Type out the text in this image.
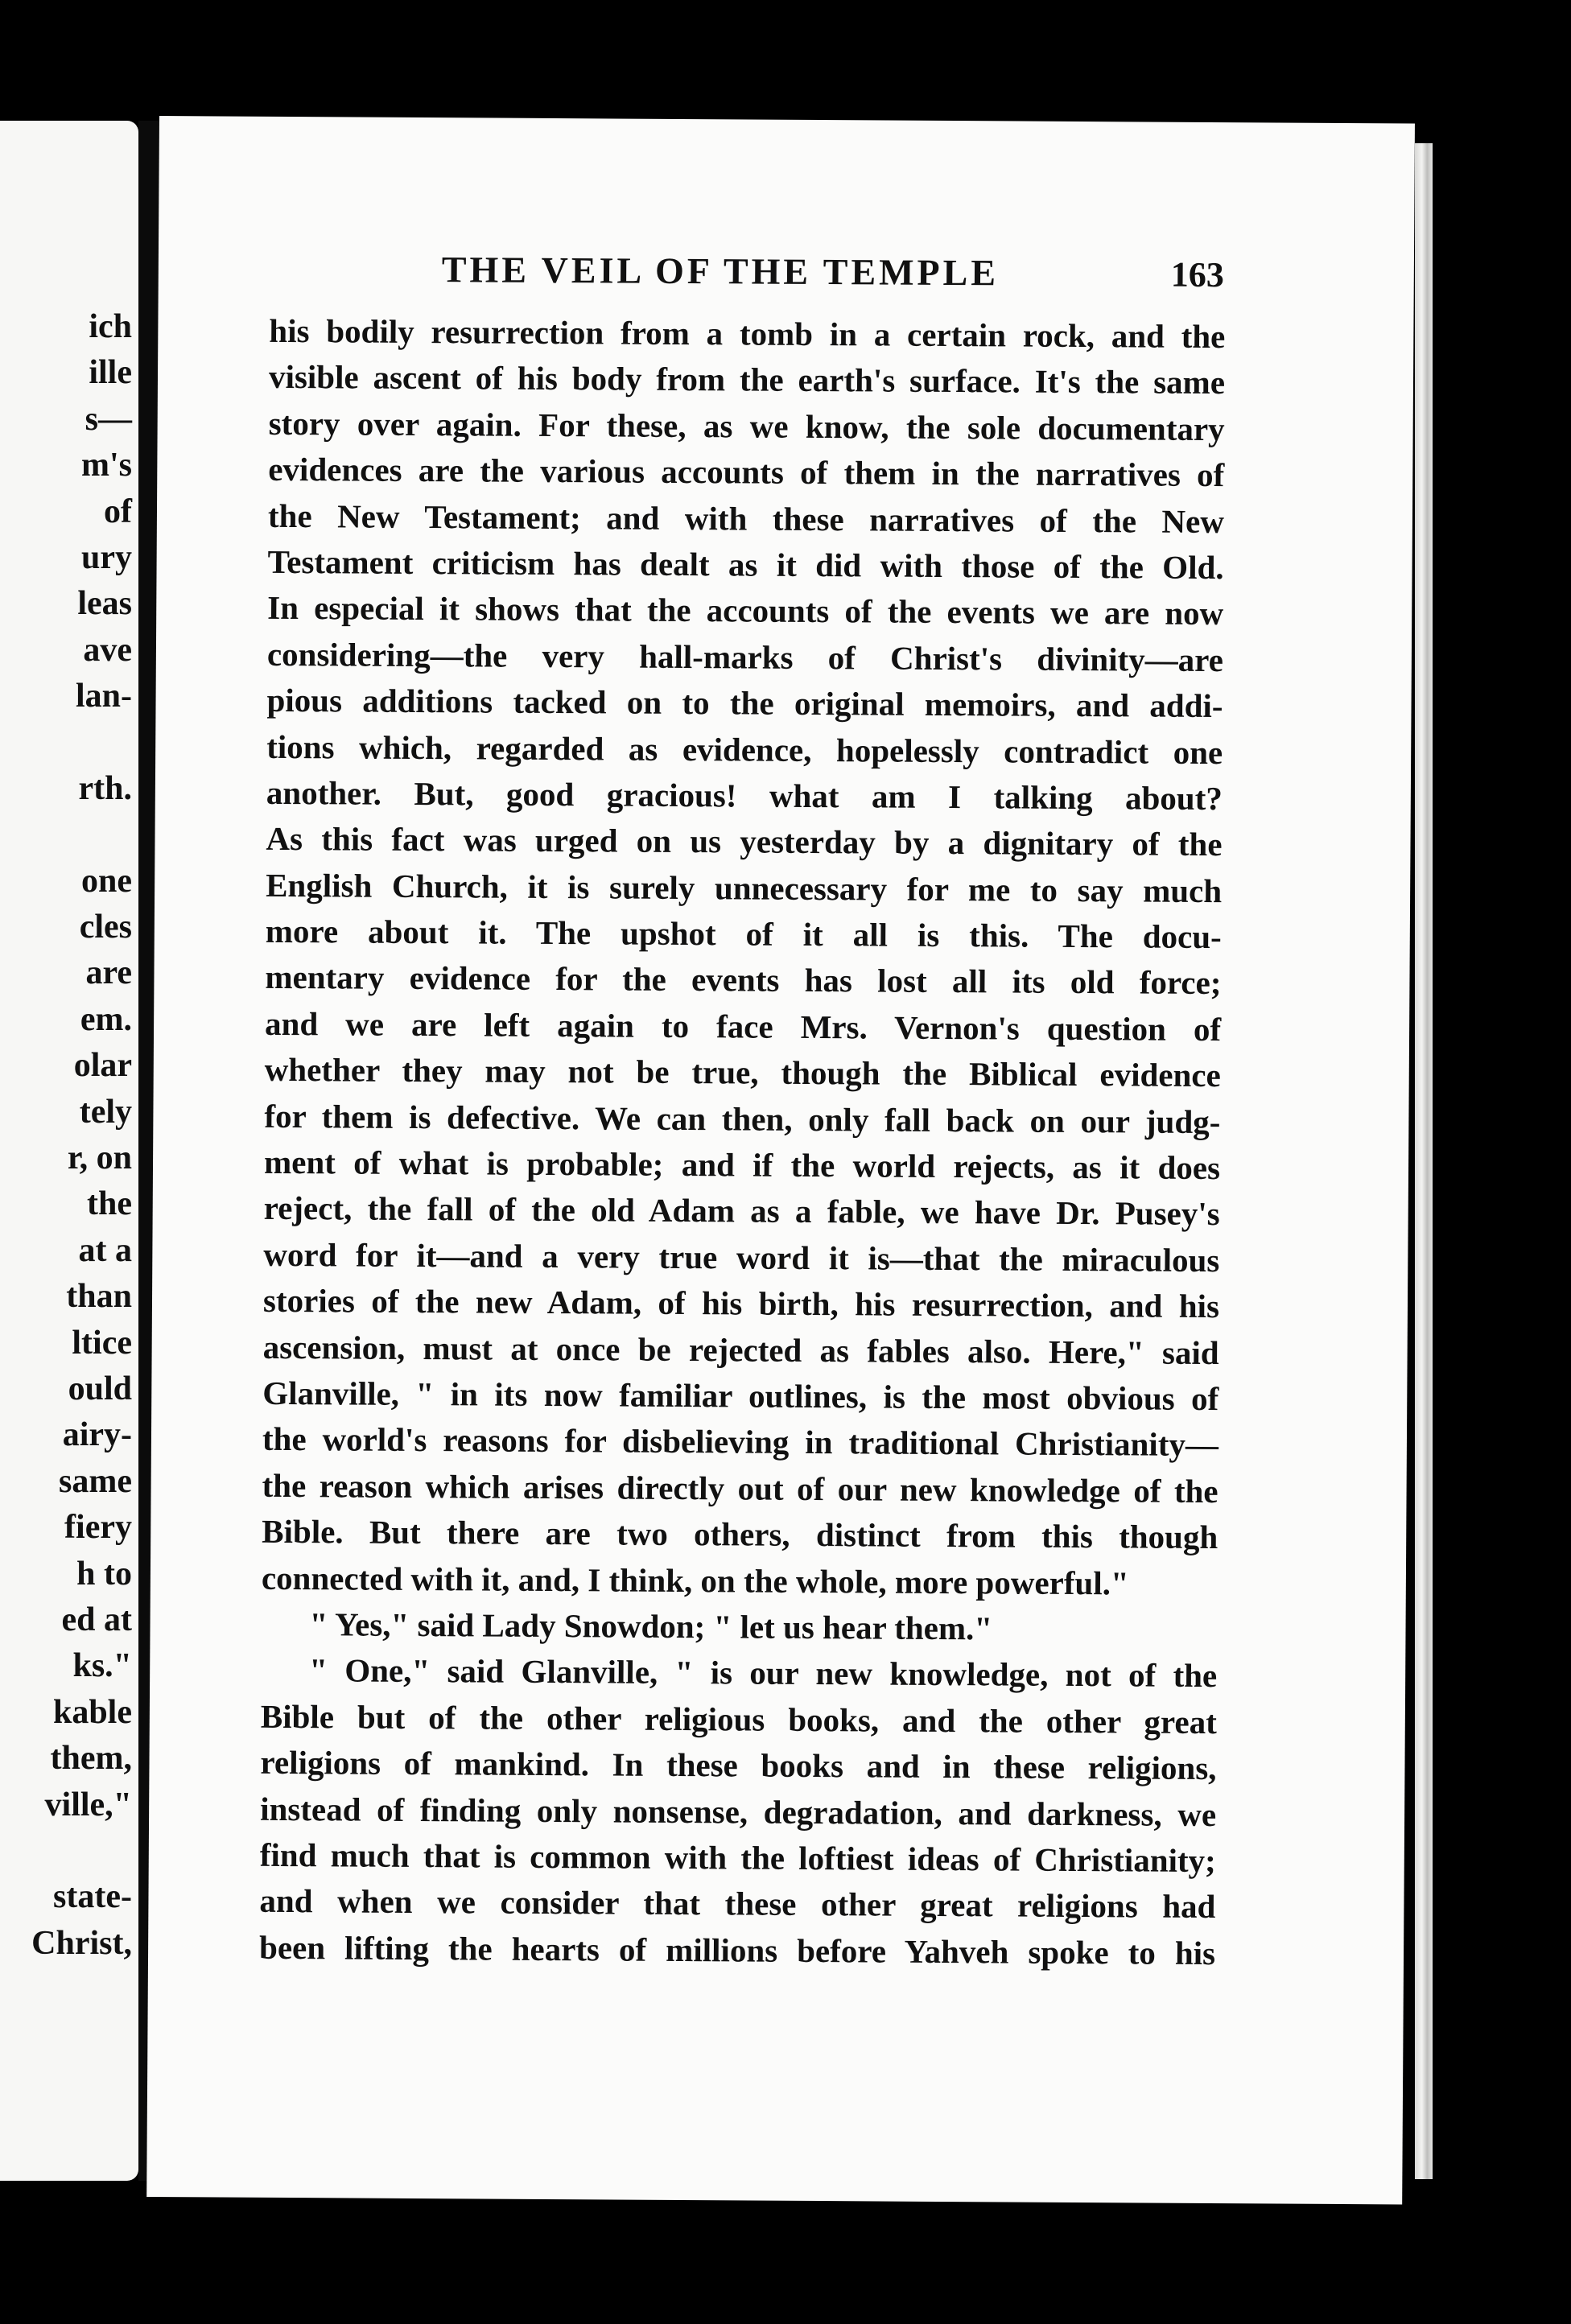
ich
ille
s—
m's
of
ury
leas
ave
lan-
rth.
one
cles
are
em.
olar
tely
r, on
the
at a
than
ltice
ould
airy-
same
fiery
h to
ed at
ks."
kable
them,
ville,"
state-
Christ,
THE VEIL OF THE TEMPLE	163
his bodily resurrection from a tomb in a certain rock, and the
visible ascent of his body from the earth's surface. It's the same
story over again. For these, as we know, the sole documentary
evidences are the various accounts of them in the narratives of
the New Testament; and with these narratives of the New
Testament criticism has dealt as it did with those of the Old.
In especial it shows that the accounts of the events we are now
considering—the very hall-marks of Christ's divinity—are
pious additions tacked on to the original memoirs, and addi-
tions which, regarded as evidence, hopelessly contradict one
another. But, good gracious! what am I talking about?
As this fact was urged on us yesterday by a dignitary of the
English Church, it is surely unnecessary for me to say much
more about it. The upshot of it all is this. The docu-
mentary evidence for the events has lost all its old force;
and we are left again to face Mrs. Vernon's question of
whether they may not be true, though the Biblical evidence
for them is defective. We can then, only fall back on our judg-
ment of what is probable; and if the world rejects, as it does
reject, the fall of the old Adam as a fable, we have Dr. Pusey's
word for it—and a very true word it is—that the miraculous
stories of the new Adam, of his birth, his resurrection, and his
ascension, must at once be rejected as fables also. Here," said
Glanville, " in its now familiar outlines, is the most obvious of
the world's reasons for disbelieving in traditional Christianity—
the reason which arises directly out of our new knowledge of the
Bible. But there are two others, distinct from this though
connected with it, and, I think, on the whole, more powerful."
" Yes," said Lady Snowdon; " let us hear them."
" One," said Glanville, " is our new knowledge, not of the
Bible but of the other religious books, and the other great
religions of mankind. In these books and in these religions,
instead of finding only nonsense, degradation, and darkness, we
find much that is common with the loftiest ideas of Christianity;
and when we consider that these other great religions had
been lifting the hearts of millions before Yahveh spoke to his
